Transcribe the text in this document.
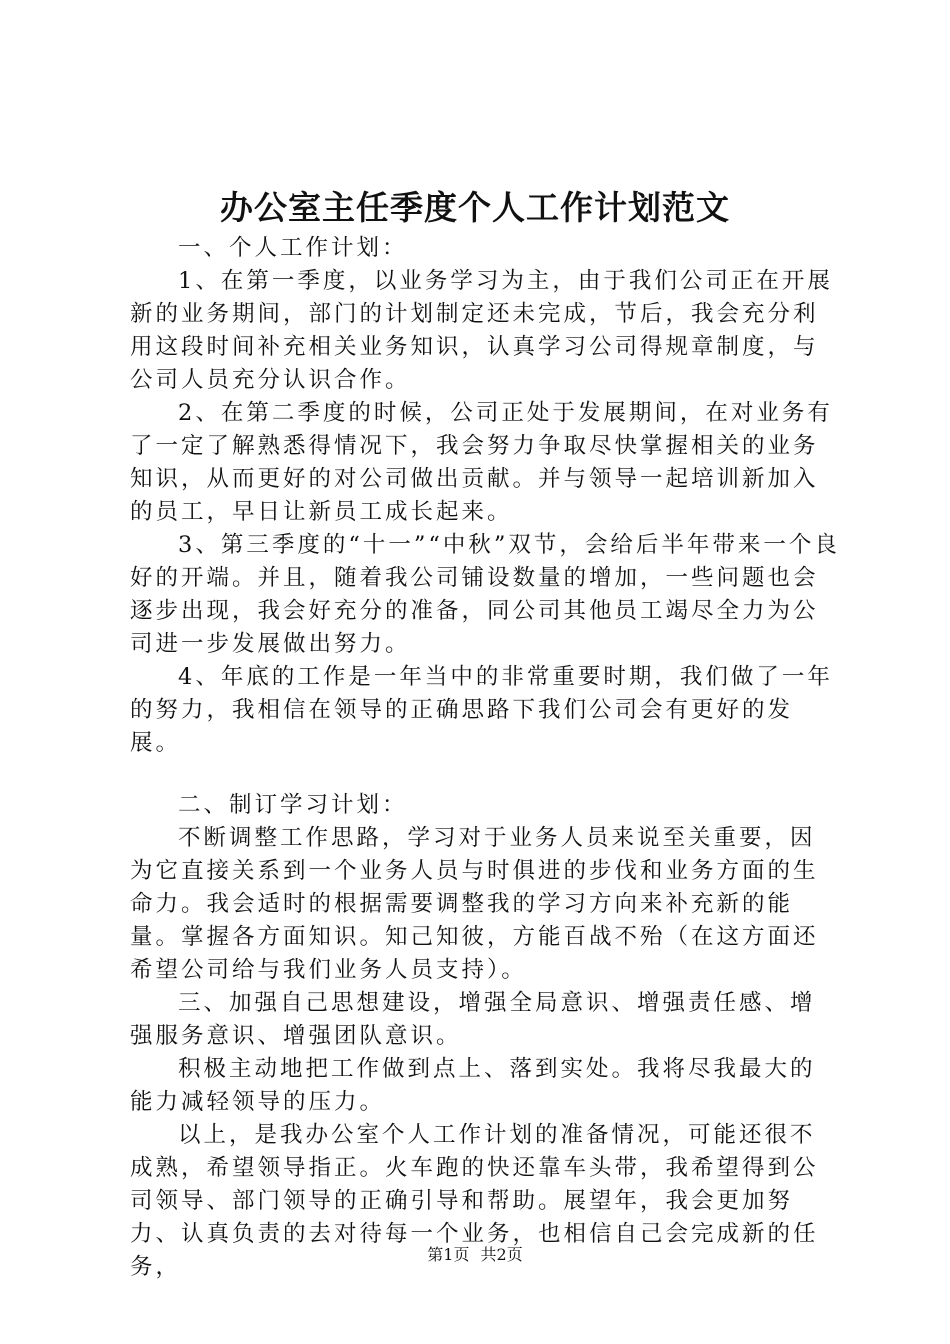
办公室主任季度个人工作计划范文

一、个人工作计划：

1、在第一季度，以业务学习为主，由于我们公司正在开展新的业务期间，部门的计划制定还未完成，节后，我会充分利用这段时间补充相关业务知识，认真学习公司得规章制度，与公司人员充分认识合作。

2、在第二季度的时候，公司正处于发展期间，在对业务有了一定了解熟悉得情况下，我会努力争取尽快掌握相关的业务知识，从而更好的对公司做出贡献。并与领导一起培训新加入的员工，早日让新员工成长起来。

3、第三季度的“十一”“中秋”双节，会给后半年带来一个良好的开端。并且，随着我公司铺设数量的增加，一些问题也会逐步出现，我会好充分的准备，同公司其他员工竭尽全力为公司进一步发展做出努力。

4、年底的工作是一年当中的非常重要时期，我们做了一年的努力，我相信在领导的正确思路下我们公司会有更好的发展。

二、制订学习计划：

不断调整工作思路，学习对于业务人员来说至关重要，因为它直接关系到一个业务人员与时俱进的步伐和业务方面的生命力。我会适时的根据需要调整我的学习方向来补充新的能量。掌握各方面知识。知己知彼，方能百战不殆（在这方面还希望公司给与我们业务人员支持）。

三、加强自己思想建设，增强全局意识、增强责任感、增强服务意识、增强团队意识。

积极主动地把工作做到点上、落到实处。我将尽我最大的能力减轻领导的压力。

以上，是我办公室个人工作计划的准备情况，可能还很不成熟，希望领导指正。火车跑的快还靠车头带，我希望得到公司领导、部门领导的正确引导和帮助。展望年，我会更加努力、认真负责的去对待每一个业务，也相信自己会完成新的任务，	第1页 共2页
